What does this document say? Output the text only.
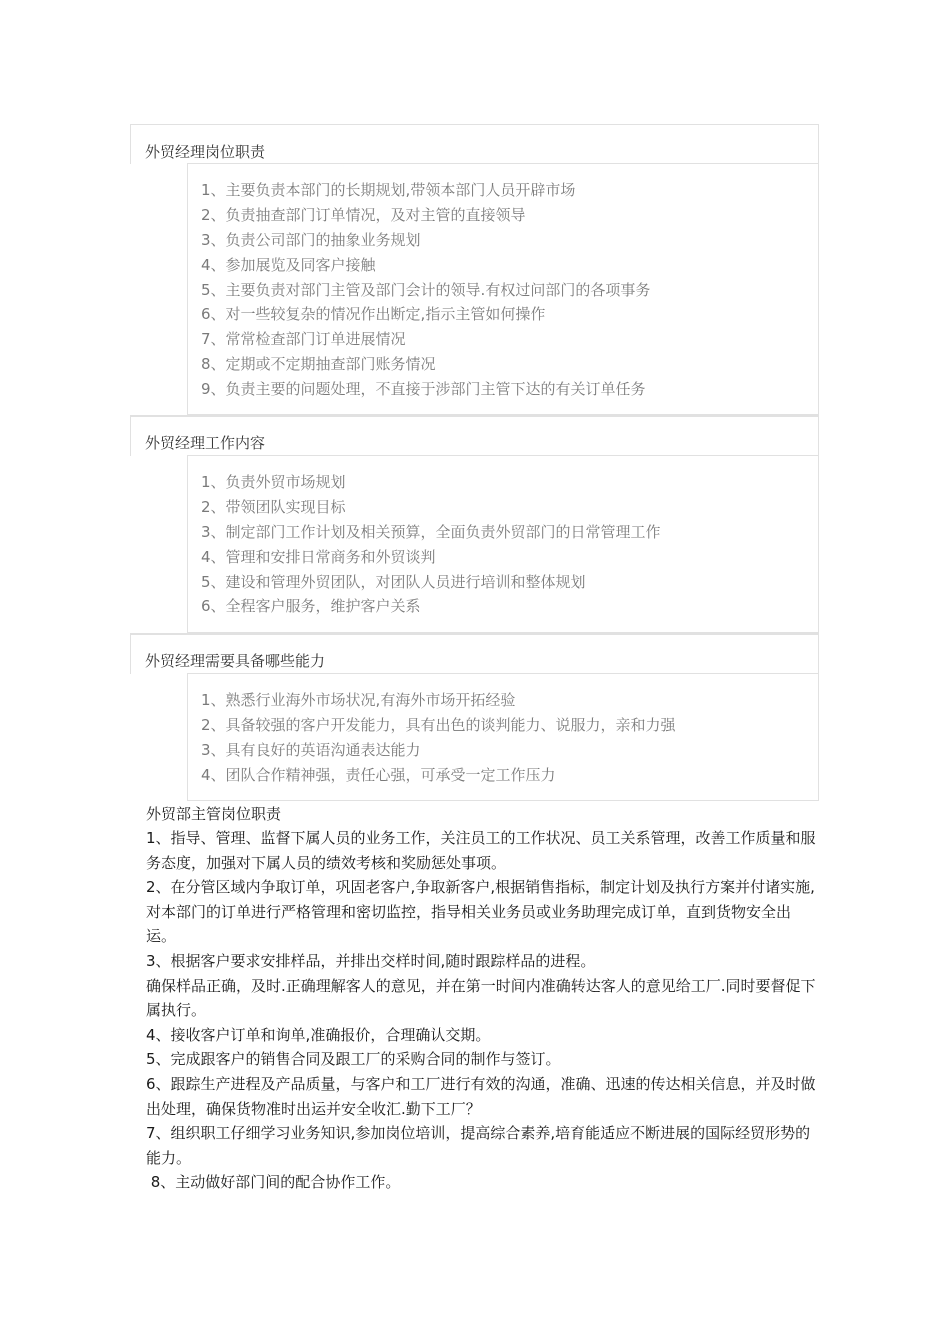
外贸经理岗位职责
1、主要负责本部门的长期规划,带领本部门人员开辟市场
2、负责抽查部门订单情况，及对主管的直接领导
3、负责公司部门的抽象业务规划
4、参加展览及同客户接触
5、主要负责对部门主管及部门会计的领导.有权过问部门的各项事务
6、对一些较复杂的情况作出断定,指示主管如何操作
7、常常检查部门订单进展情况
8、定期或不定期抽查部门账务情况
9、负责主要的问题处理，不直接于涉部门主管下达的有关订单任务
外贸经理工作内容
1、负责外贸市场规划
2、带领团队实现目标
3、制定部门工作计划及相关预算，全面负责外贸部门的日常管理工作
4、管理和安排日常商务和外贸谈判
5、建设和管理外贸团队，对团队人员进行培训和整体规划
6、全程客户服务，维护客户关系
外贸经理需要具备哪些能力
1、熟悉行业海外市场状况,有海外市场开拓经验
2、具备较强的客户开发能力，具有出色的谈判能力、说服力，亲和力强
3、具有良好的英语沟通表达能力
4、团队合作精神强，责任心强，可承受一定工作压力
外贸部主管岗位职责

1、指导、管理、监督下属人员的业务工作，关注员工的工作状况、员工关系管理，改善工作质量和服务态度，加强对下属人员的绩效考核和奖励惩处事项。

2、在分管区域内争取订单，巩固老客户,争取新客户,根据销售指标，制定计划及执行方案并付诸实施,对本部门的订单进行严格管理和密切监控，指导相关业务员或业务助理完成订单，直到货物安全出运。

3、根据客户要求安排样品，并排出交样时间,随时跟踪样品的进程。

确保样品正确，及时.正确理解客人的意见，并在第一时间内准确转达客人的意见给工厂.同时要督促下属执行。

4、接收客户订单和询单,准确报价，合理确认交期。

5、完成跟客户的销售合同及跟工厂的采购合同的制作与签订。

6、跟踪生产进程及产品质量，与客户和工厂进行有效的沟通，准确、迅速的传达相关信息，并及时做出处理，确保货物准时出运并安全收汇.勤下工厂？

7、组织职工仔细学习业务知识,参加岗位培训，提高综合素养,培育能适应不断进展的国际经贸形势的能力。

8、主动做好部门间的配合协作工作。
